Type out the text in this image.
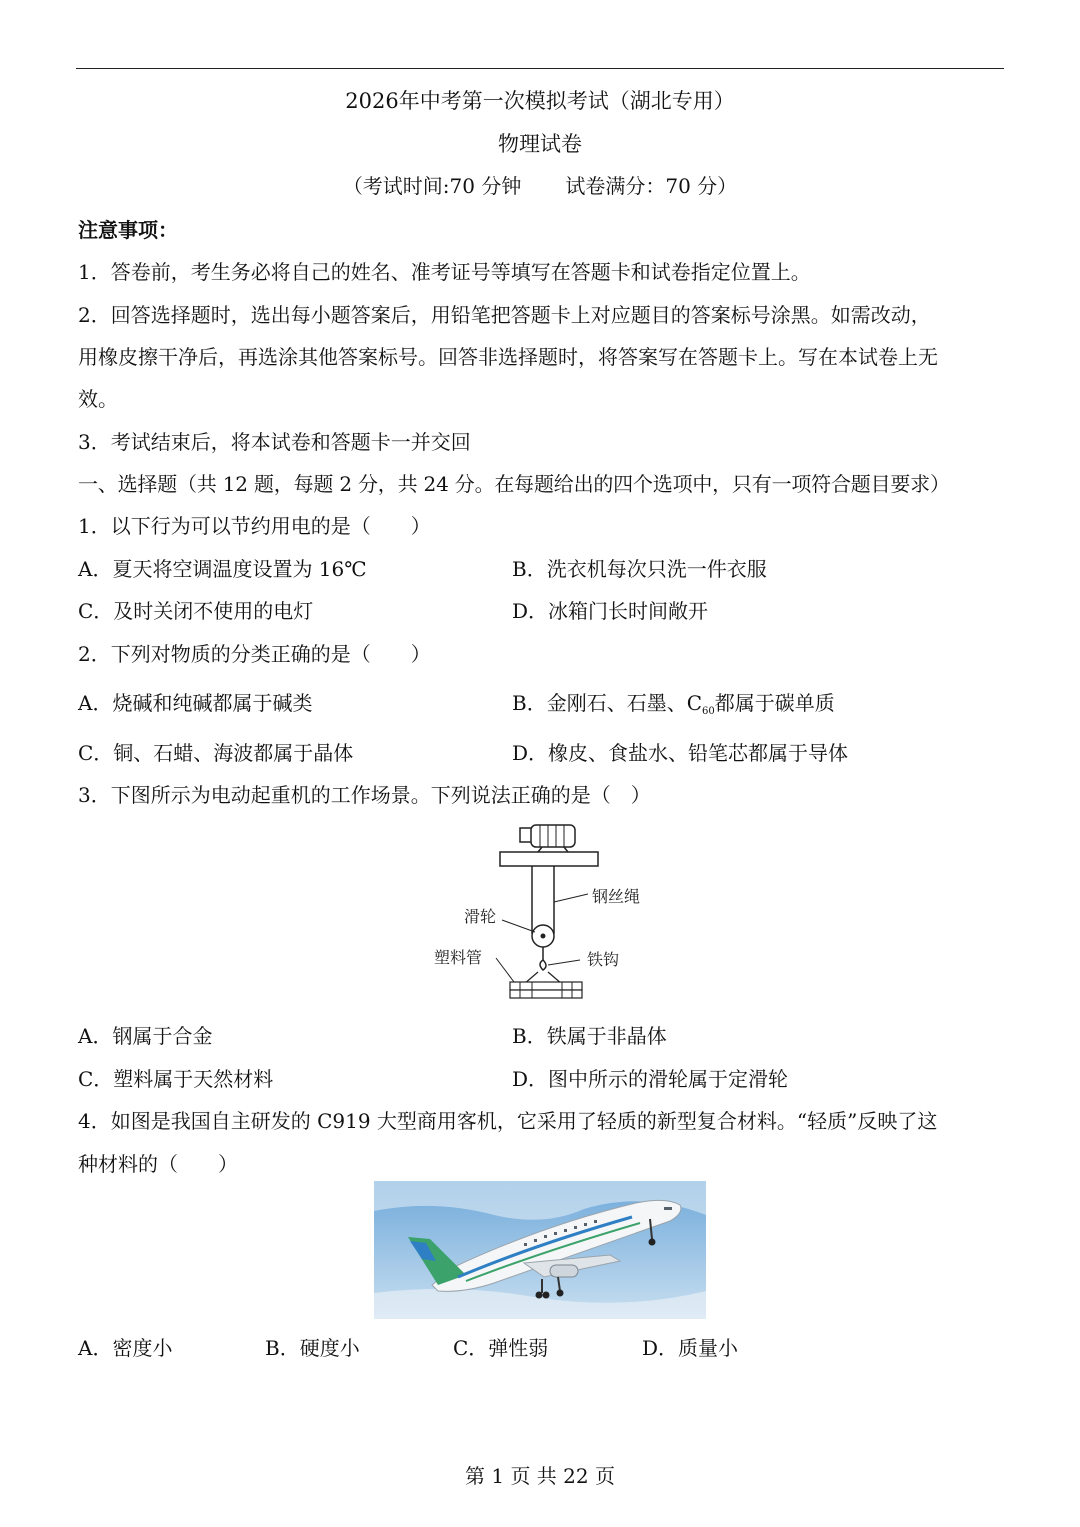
2026年中考第一次模拟考试（湖北专用）
物理试卷
（考试时间:70 分钟 试卷满分：70 分）
注意事项：
1．答卷前，考生务必将自己的姓名、准考证号等填写在答题卡和试卷指定位置上。
2．回答选择题时，选出每小题答案后，用铅笔把答题卡上对应题目的答案标号涂黑。如需改动，
用橡皮擦干净后，再选涂其他答案标号。回答非选择题时，将答案写在答题卡上。写在本试卷上无
效。
3．考试结束后，将本试卷和答题卡一并交回
一、选择题（共 12 题，每题 2 分，共 24 分。在每题给出的四个选项中，只有一项符合题目要求）
1．以下行为可以节约用电的是（　　）
A．夏天将空调温度设置为 16℃	B．洗衣机每次只洗一件衣服
C．及时关闭不使用的电灯	D．冰箱门长时间敞开
2．下列对物质的分类正确的是（　　）
A．烧碱和纯碱都属于碱类	B．金刚石、石墨、$C_{60}$都属于碳单质
C．铜、石蜡、海波都属于晶体	D．橡皮、食盐水、铅笔芯都属于导体
3．下图所示为电动起重机的工作场景。下列说法正确的是（　）
钢丝绳
滑轮
塑料管	铁钩
A．钢属于合金	B．铁属于非晶体
C．塑料属于天然材料	D．图中所示的滑轮属于定滑轮
4．如图是我国自主研发的 C919 大型商用客机，它采用了轻质的新型复合材料。“轻质”反映了这
种材料的（　　）
A．密度小	B．硬度小	C．弹性弱	D．质量小
第 1 页 共 22 页
